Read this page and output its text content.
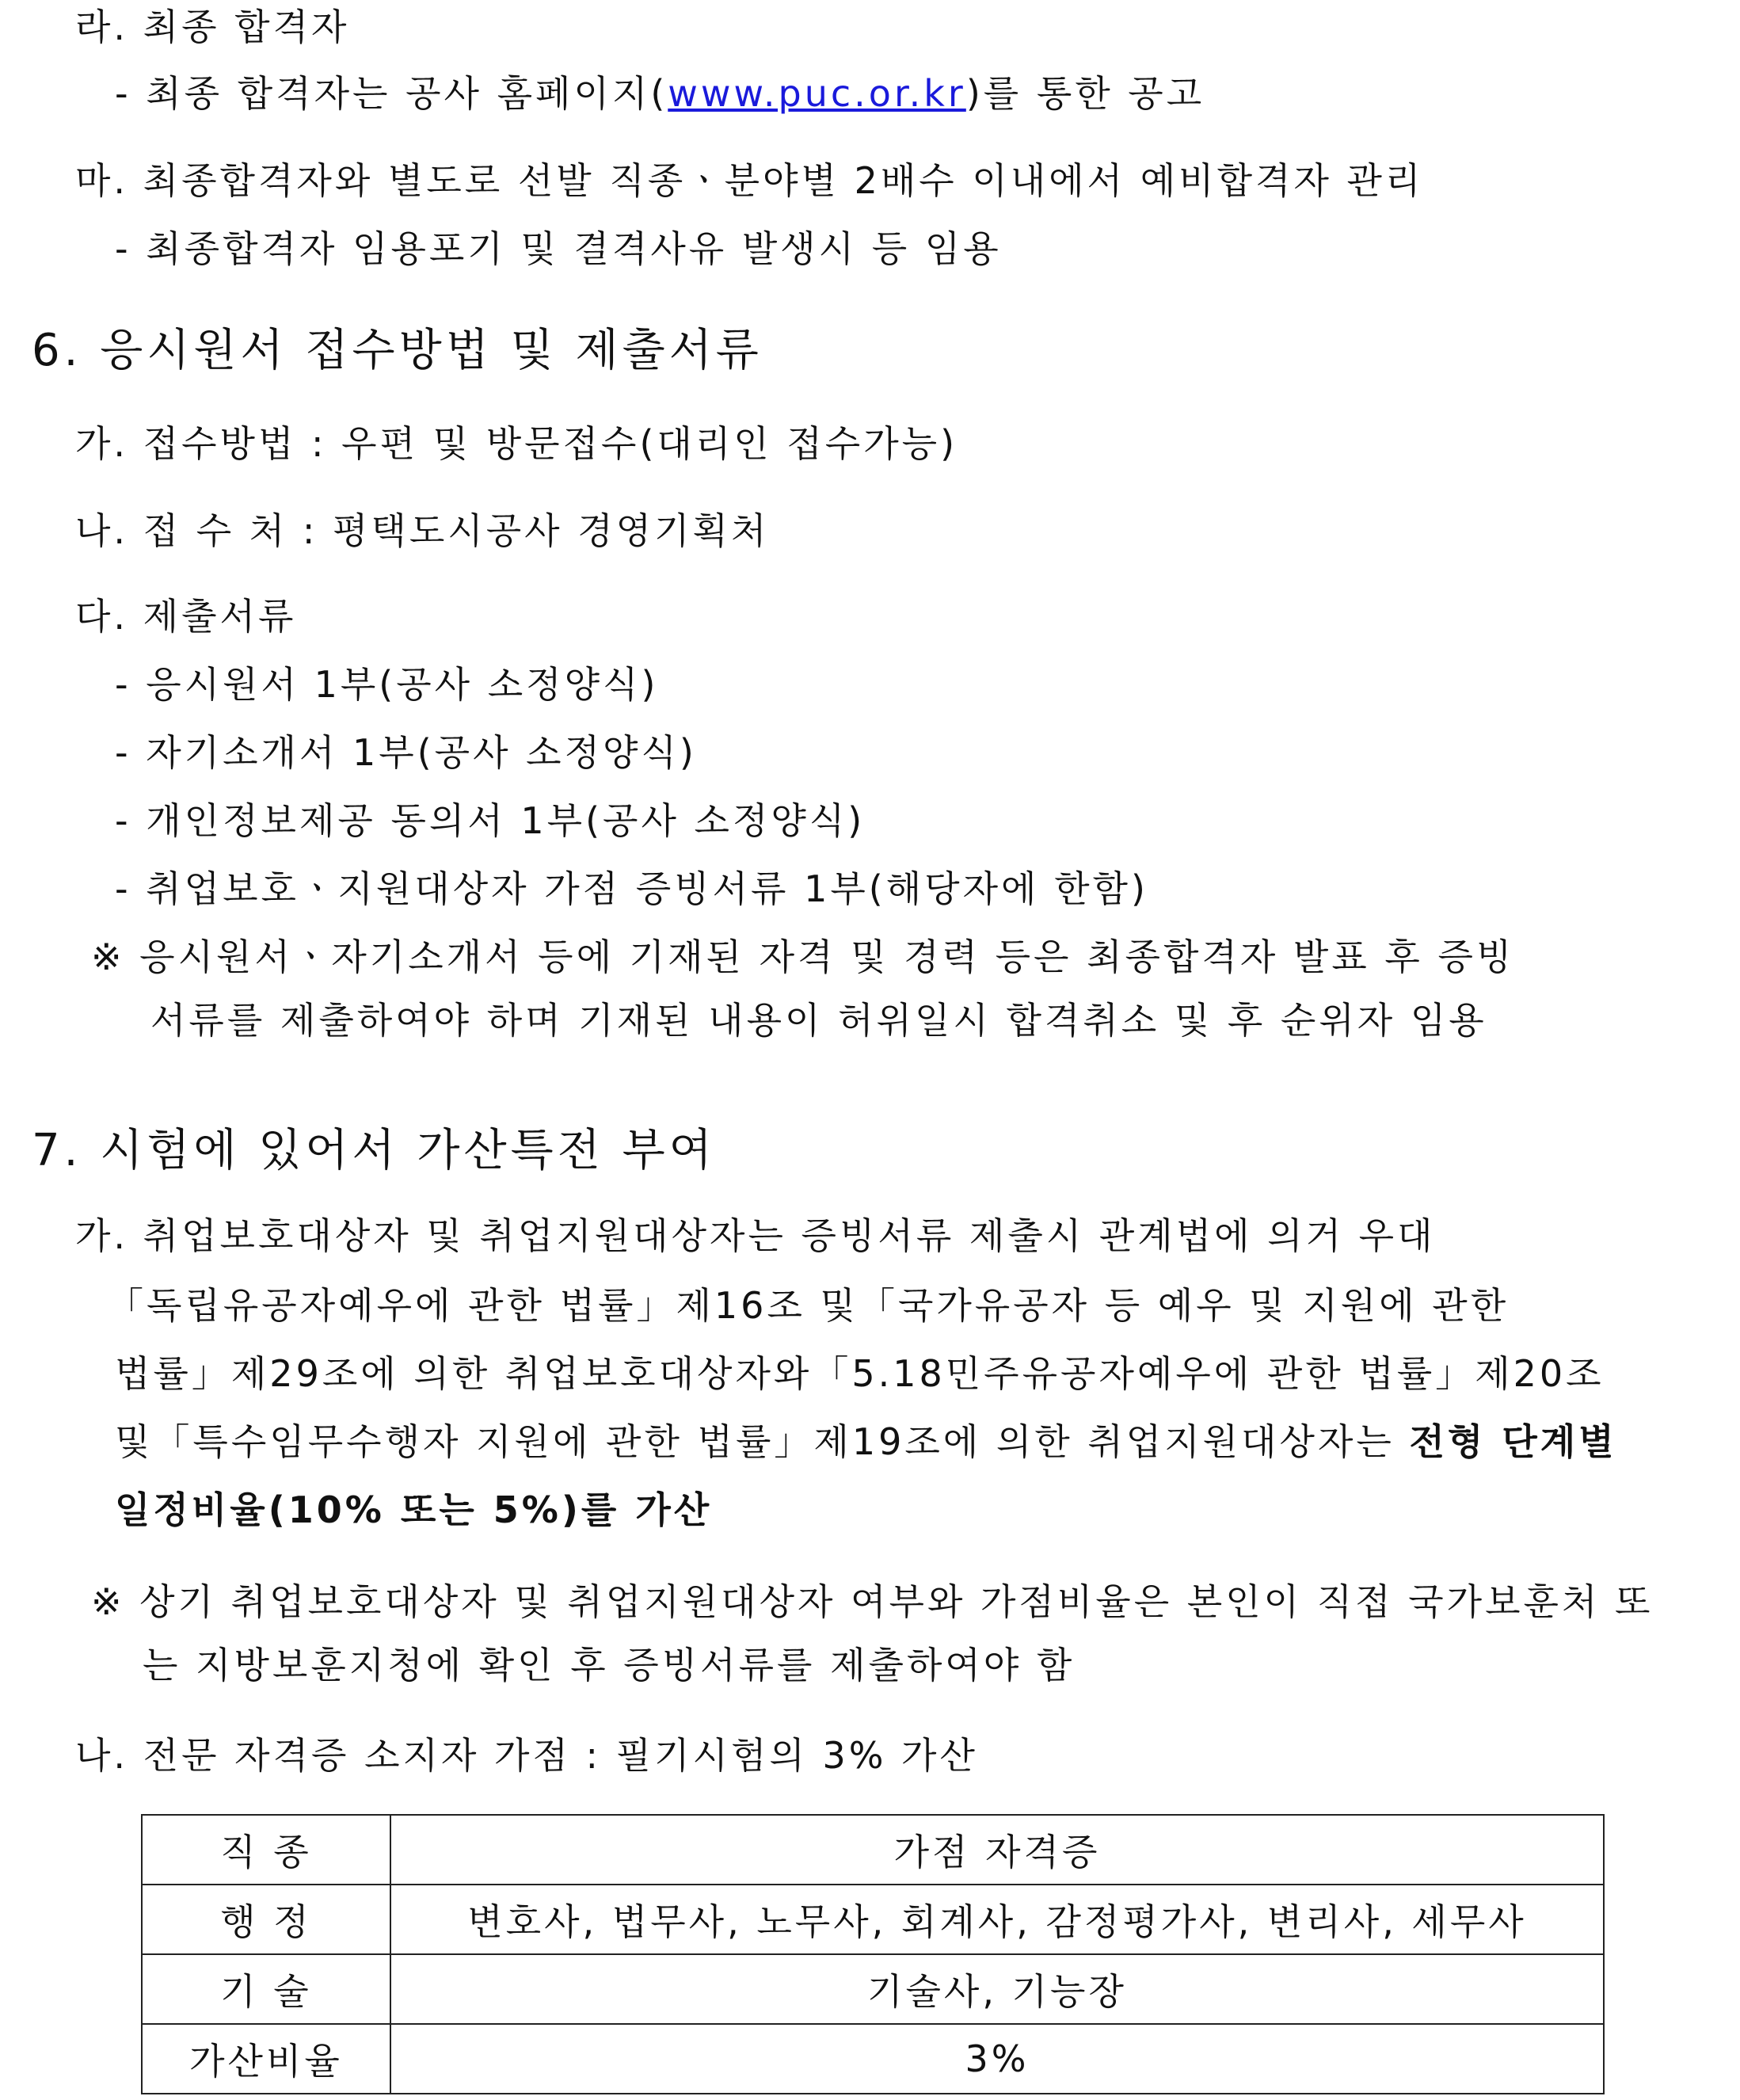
라. 최종 합격자
- 최종 합격자는 공사 홈페이지(www.puc.or.kr)를 통한 공고
마. 최종합격자와 별도로 선발 직종ㆍ분야별 2배수 이내에서 예비합격자 관리
- 최종합격자 임용포기 및 결격사유 발생시 등 임용
6. 응시원서 접수방법 및 제출서류
가. 접수방법 : 우편 및 방문접수(대리인 접수가능)
나. 접 수 처 : 평택도시공사 경영기획처
다. 제출서류
- 응시원서 1부(공사 소정양식)
- 자기소개서 1부(공사 소정양식)
- 개인정보제공 동의서 1부(공사 소정양식)
- 취업보호ㆍ지원대상자 가점 증빙서류 1부(해당자에 한함)
※ 응시원서ㆍ자기소개서 등에 기재된 자격 및 경력 등은 최종합격자 발표 후 증빙
서류를 제출하여야 하며 기재된 내용이 허위일시 합격취소 및 후 순위자 임용
7. 시험에 있어서 가산특전 부여
가. 취업보호대상자 및 취업지원대상자는 증빙서류 제출시 관계법에 의거 우대
「독립유공자예우에 관한 법률」제16조 및「국가유공자 등 예우 및 지원에 관한
법률」제29조에 의한 취업보호대상자와「5.18민주유공자예우에 관한 법률」제20조
및「특수임무수행자 지원에 관한 법률」제19조에 의한 취업지원대상자는 전형 단계별
일정비율(10% 또는 5%)를 가산
※ 상기 취업보호대상자 및 취업지원대상자 여부와 가점비율은 본인이 직접 국가보훈처 또
는 지방보훈지청에 확인 후 증빙서류를 제출하여야 함
나. 전문 자격증 소지자 가점 : 필기시험의 3% 가산
직 종	가점 자격증
행 정	변호사, 법무사, 노무사, 회계사, 감정평가사, 변리사, 세무사
기 술	기술사, 기능장
가산비율	3%
